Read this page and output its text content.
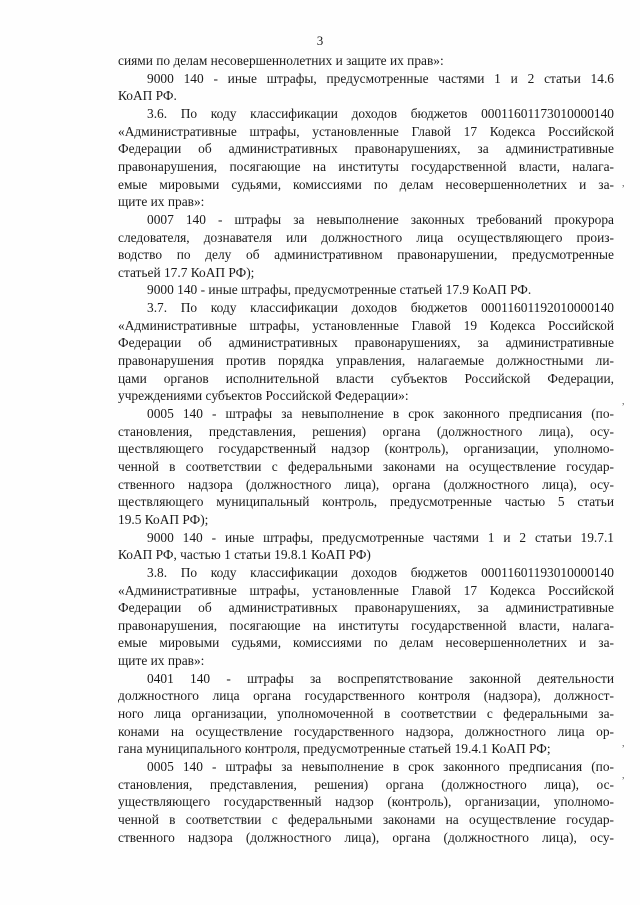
3
сиями по делам несовершеннолетних и защите их прав»:
9000 140 - иные штрафы, предусмотренные частями 1 и 2 статьи 14.6
КоАП РФ.
3.6. По коду классификации доходов бюджетов 00011601173010000140
«Административные штрафы, установленные Главой 17 Кодекса Российской
Федерации об административных правонарушениях, за административные
правонарушения, посягающие на институты государственной власти, налага-
емые мировыми судьями, комиссиями по делам несовершеннолетних и за-
щите их прав»:
0007 140 - штрафы за невыполнение законных требований прокурора
следователя, дознавателя или должностного лица осуществляющего произ-
водство по делу об административном правонарушении, предусмотренные
статьей 17.7 КоАП РФ);
9000 140 - иные штрафы, предусмотренные статьей 17.9 КоАП РФ.
3.7. По коду классификации доходов бюджетов 00011601192010000140
«Административные штрафы, установленные Главой 19 Кодекса Российской
Федерации об административных правонарушениях, за административные
правонарушения против порядка управления, налагаемые должностными ли-
цами органов исполнительной власти субъектов Российской Федерации,
учреждениями субъектов Российской Федерации»:
0005 140 - штрафы за невыполнение в срок законного предписания (по-
становления, представления, решения) органа (должностного лица), осу-
ществляющего государственный надзор (контроль), организации, уполномо-
ченной в соответствии с федеральными законами на осуществление государ-
ственного надзора (должностного лица), органа (должностного лица), осу-
ществляющего муниципальный контроль, предусмотренные частью 5 статьи
19.5 КоАП РФ);
9000 140 - иные штрафы, предусмотренные частями 1 и 2 статьи 19.7.1
КоАП РФ, частью 1 статьи 19.8.1 КоАП РФ)
3.8. По коду классификации доходов бюджетов 00011601193010000140
«Административные штрафы, установленные Главой 17 Кодекса Российской
Федерации об административных правонарушениях, за административные
правонарушения, посягающие на институты государственной власти, налага-
емые мировыми судьями, комиссиями по делам несовершеннолетних и за-
щите их прав»:
0401 140 - штрафы за воспрепятствование законной деятельности
должностного лица органа государственного контроля (надзора), должност-
ного лица организации, уполномоченной в соответствии с федеральными за-
конами на осуществление государственного надзора, должностного лица ор-
гана муниципального контроля, предусмотренные статьей 19.4.1 КоАП РФ;
0005 140 - штрафы за невыполнение в срок законного предписания (по-
становления, представления, решения) органа (должностного лица), ос-
уществляющего государственный надзор (контроль), организации, уполномо-
ченной в соответствии с федеральными законами на осуществление государ-
ственного надзора (должностного лица), органа (должностного лица), осу-
,
,
,
,
